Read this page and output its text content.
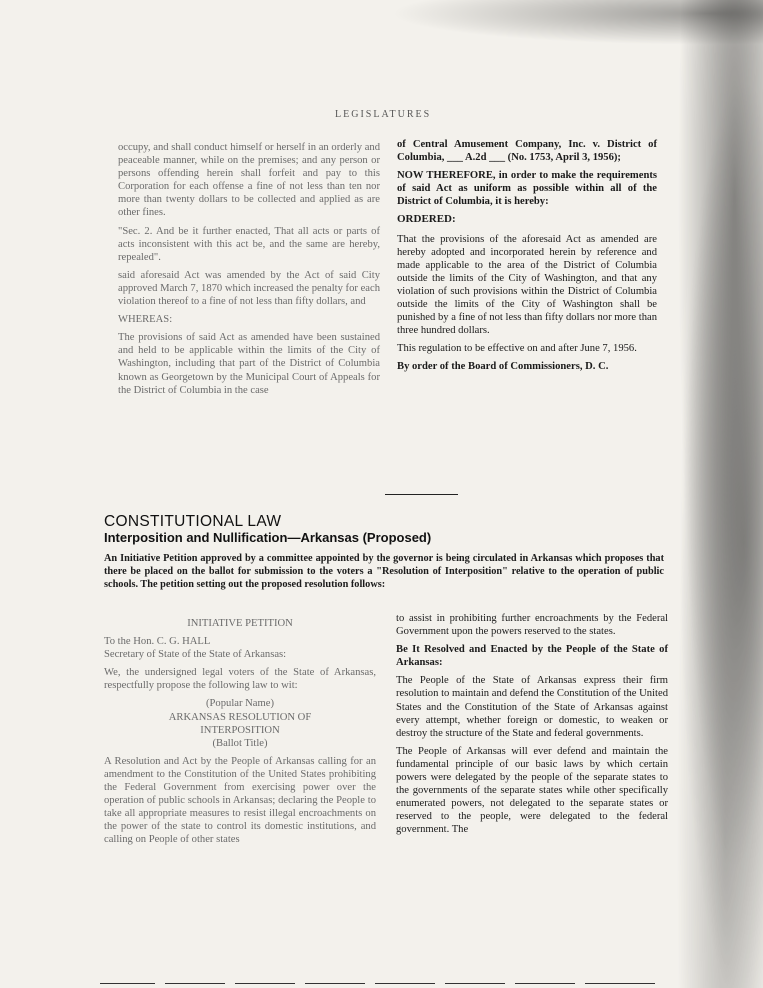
LEGISLATURES

occupy, and shall conduct himself or herself in an orderly and peaceable manner, while on the premises; and any person or persons offending herein shall forfeit and pay to this Corporation for each offense a fine of not less than ten nor more than twenty dollars to be collected and applied as are other fines.

"Sec. 2. And be it further enacted, That all acts or parts of acts inconsistent with this act be, and the same are hereby, repealed".

said aforesaid Act was amended by the Act of said City approved March 7, 1870 which increased the penalty for each violation thereof to a fine of not less than fifty dollars, and

WHEREAS:

The provisions of said Act as amended have been sustained and held to be applicable within the limits of the City of Washington, including that part of the District of Columbia known as Georgetown by the Municipal Court of Appeals for the District of Columbia in the case

of Central Amusement Company, Inc. v. District of Columbia, ___ A.2d ___ (No. 1753, April 3, 1956);

NOW THEREFORE, in order to make the requirements of said Act as uniform as possible within all of the District of Columbia, it is hereby:

ORDERED:

That the provisions of the aforesaid Act as amended are hereby adopted and incorporated herein by reference and made applicable to the area of the District of Columbia outside the limits of the City of Washington, and that any violation of such provisions within the District of Columbia outside the limits of the City of Washington shall be punished by a fine of not less than fifty dollars nor more than three hundred dollars.

This regulation to be effective on and after June 7, 1956.

By order of the Board of Commissioners, D. C.

CONSTITUTIONAL LAW
Interposition and Nullification—Arkansas (Proposed)
An Initiative Petition approved by a committee appointed by the governor is being circulated in Arkansas which proposes that there be placed on the ballot for submission to the voters a "Resolution of Interposition" relative to the operation of public schools. The petition setting out the proposed resolution follows:

INITIATIVE PETITION

To the Hon. C. G. HALL

Secretary of State of the State of Arkansas:

We, the undersigned legal voters of the State of Arkansas, respectfully propose the following law to wit:

(Popular Name)

ARKANSAS RESOLUTION OF

INTERPOSITION

(Ballot Title)

A Resolution and Act by the People of Arkansas calling for an amendment to the Constitution of the United States prohibiting the Federal Government from exercising power over the operation of public schools in Arkansas; declaring the People to take all appropriate measures to resist illegal encroachments on the power of the state to control its domestic institutions, and calling on People of other states

to assist in prohibiting further encroachments by the Federal Government upon the powers reserved to the states.

Be It Resolved and Enacted by the People of the State of Arkansas:

The People of the State of Arkansas express their firm resolution to maintain and defend the Constitution of the United States and the Constitution of the State of Arkansas against every attempt, whether foreign or domestic, to weaken or destroy the structure of the State and federal governments.

The People of Arkansas will ever defend and maintain the fundamental principle of our basic laws by which certain powers were delegated by the people of the separate states to the governments of the separate states while other specifically enumerated powers, not delegated to the separate states or reserved to the people, were delegated to the federal government. The
